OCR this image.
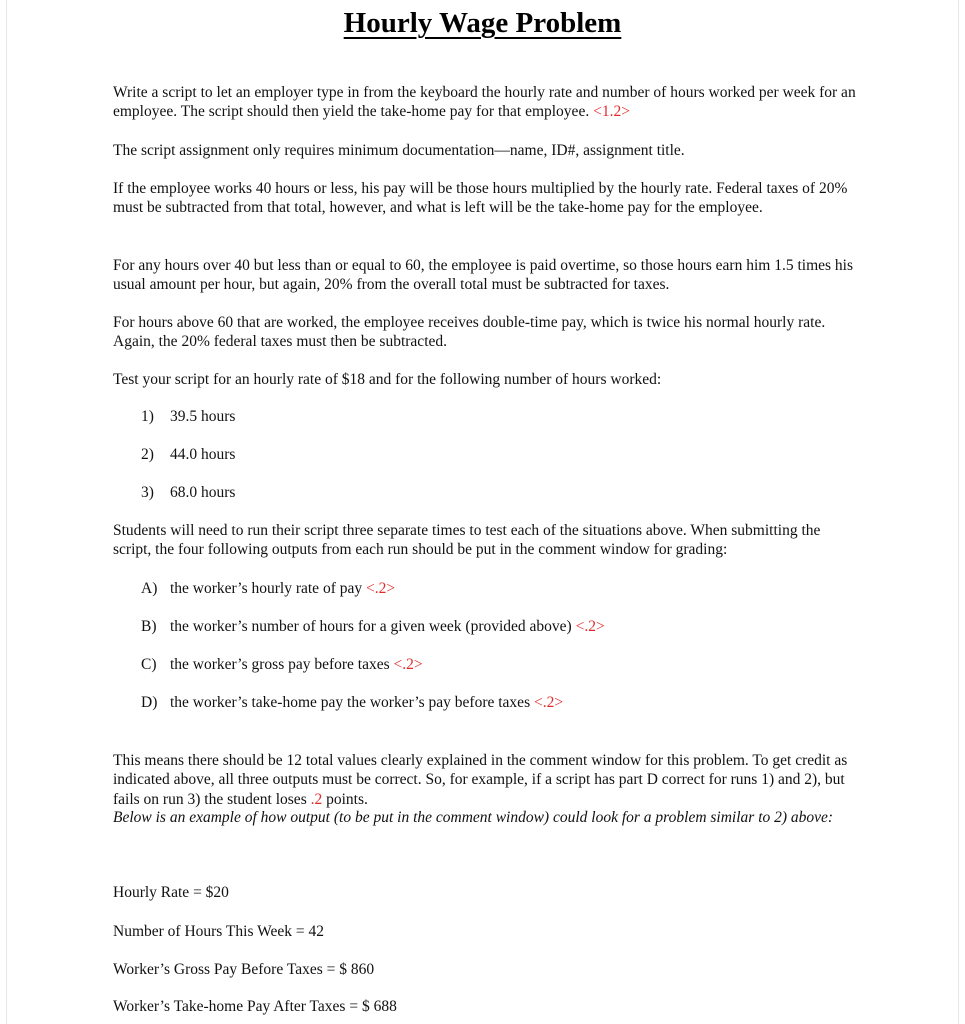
Hourly Wage Problem

Write a script to let an employer type in from the keyboard the hourly rate and number of hours worked per week for an employee. The script should then yield the take-home pay for that employee. <1.2>

The script assignment only requires minimum documentation—name, ID#, assignment title.

If the employee works 40 hours or less, his pay will be those hours multiplied by the hourly rate. Federal taxes of 20% must be subtracted from that total, however, and what is left will be the take-home pay for the employee.

For any hours over 40 but less than or equal to 60, the employee is paid overtime, so those hours earn him 1.5 times his usual amount per hour, but again, 20% from the overall total must be subtracted for taxes.

For hours above 60 that are worked, the employee receives double-time pay, which is twice his normal hourly rate. Again, the 20% federal taxes must then be subtracted.

Test your script for an hourly rate of $18 and for the following number of hours worked:

1) 39.5 hours
2) 44.0 hours
3) 68.0 hours

Students will need to run their script three separate times to test each of the situations above. When submitting the script, the four following outputs from each run should be put in the comment window for grading:

A) the worker’s hourly rate of pay <.2>
B) the worker’s number of hours for a given week (provided above) <.2>
C) the worker’s gross pay before taxes <.2>
D) the worker’s take-home pay the worker’s pay before taxes <.2>

This means there should be 12 total values clearly explained in the comment window for this problem. To get credit as indicated above, all three outputs must be correct. So, for example, if a script has part D correct for runs 1) and 2), but fails on run 3) the student loses .2 points.

Below is an example of how output (to be put in the comment window) could look for a problem similar to 2) above:

Hourly Rate = $20
Number of Hours This Week = 42
Worker’s Gross Pay Before Taxes = $ 860
Worker’s Take-home Pay After Taxes = $ 688
